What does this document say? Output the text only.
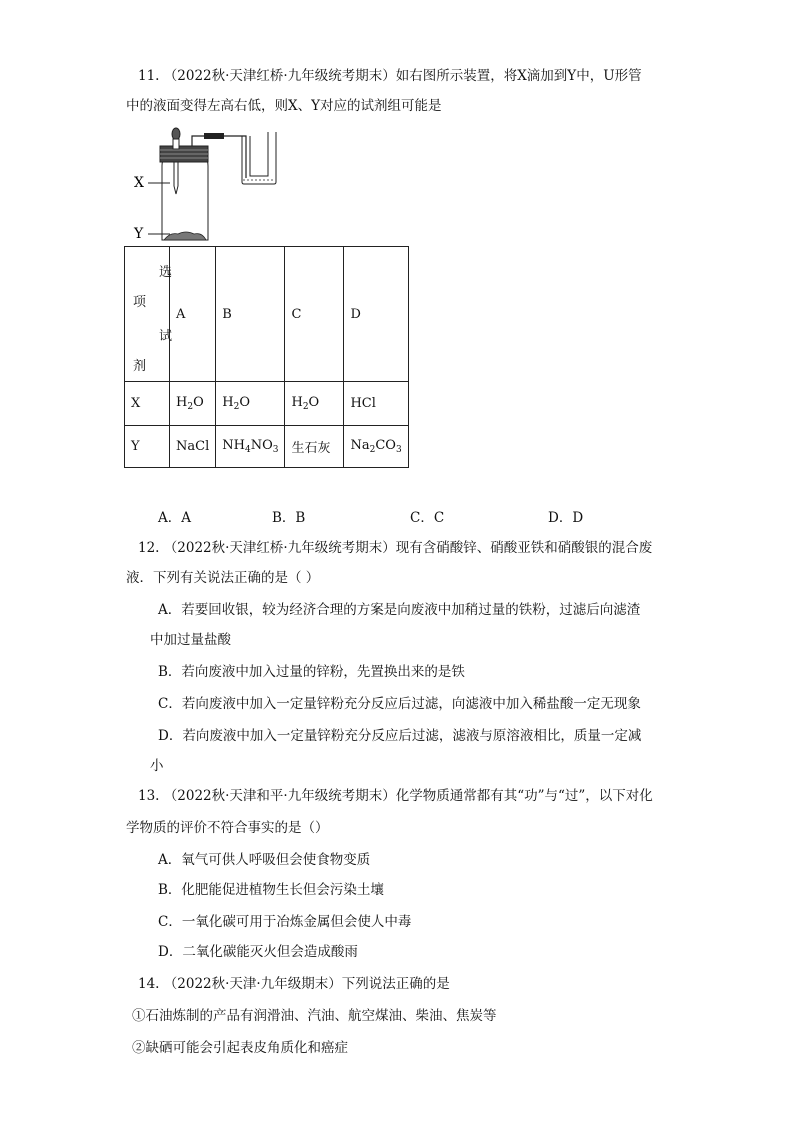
11. （2022秋·天津红桥·九年级统考期末）如右图所示装置，将X滴加到Y中，U形管
中的液面变得左高右低，则X、Y对应的试剂组可能是
X
Y
选
项
试
剂	A	B	C	D
X	$H_2O$	$H_2O$	$H_2O$	HCl
Y	NaCl	$NH_4NO_3$	生石灰	$Na_2CO_3$
A．A	B．B	C．C	D．D
12. （2022秋·天津红桥·九年级统考期末）现有含硝酸锌、硝酸亚铁和硝酸银的混合废
液．下列有关说法正确的是（ ）
A．若要回收银，较为经济合理的方案是向废液中加稍过量的铁粉，过滤后向滤渣
中加过量盐酸
B．若向废液中加入过量的锌粉，先置换出来的是铁
C．若向废液中加入一定量锌粉充分反应后过滤，向滤液中加入稀盐酸一定无现象
D．若向废液中加入一定量锌粉充分反应后过滤，滤液与原溶液相比，质量一定减
小
13. （2022秋·天津和平·九年级统考期末）化学物质通常都有其“功”与“过”，以下对化
学物质的评价不符合事实的是（）
A．氧气可供人呼吸但会使食物变质
B．化肥能促进植物生长但会污染土壤
C．一氧化碳可用于冶炼金属但会使人中毒
D．二氧化碳能灭火但会造成酸雨
14. （2022秋·天津·九年级期末）下列说法正确的是
①石油炼制的产品有润滑油、汽油、航空煤油、柴油、焦炭等
②缺硒可能会引起表皮角质化和癌症
